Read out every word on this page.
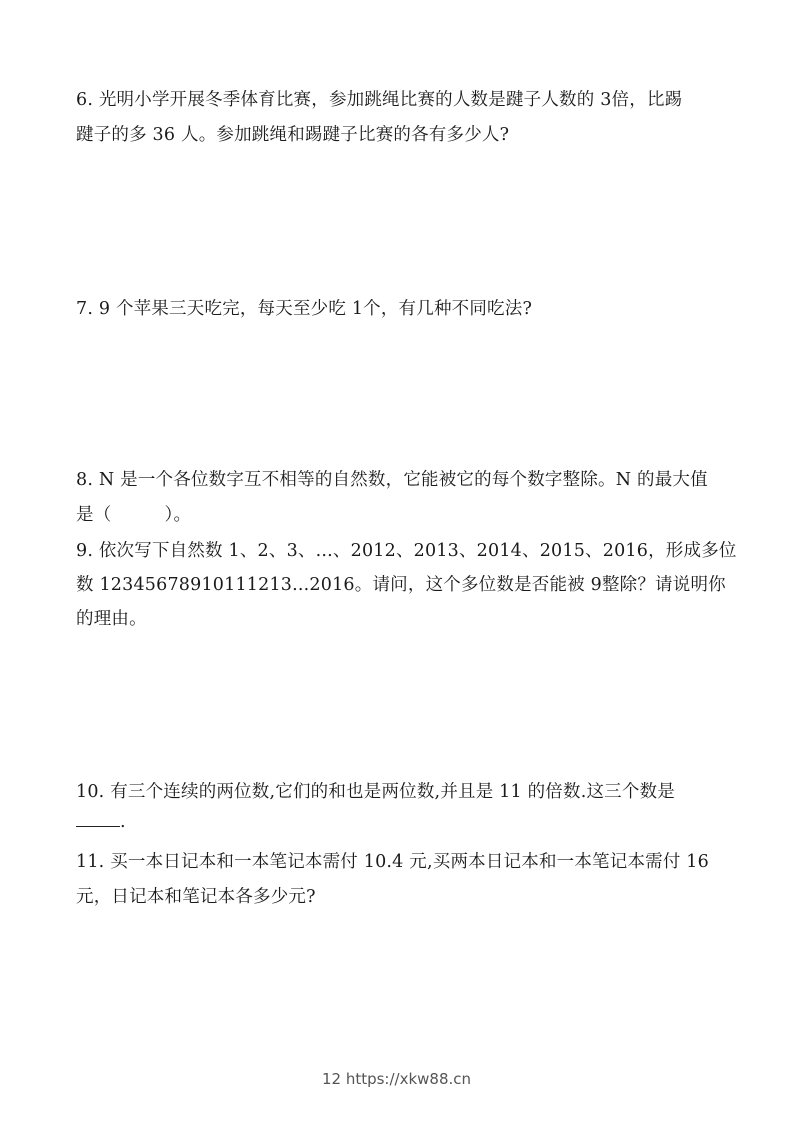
6. 光明小学开展冬季体育比赛，参加跳绳比赛的人数是踺子人数的 3倍，比踢
踺子的多 36 人。参加跳绳和踢踺子比赛的各有多少人?
7. 9 个苹果三天吃完，每天至少吃 1个，有几种不同吃法?
8. N 是一个各位数字互不相等的自然数，它能被它的每个数字整除。N 的最大值
是（　　　）。
9. 依次写下自然数 1、2、3、...、2012、2013、2014、2015、2016，形成多位
数 12345678910111213...2016。请问，这个多位数是否能被 9整除？请说明你
的理由。
10. 有三个连续的两位数,它们的和也是两位数,并且是 11 的倍数.这三个数是
.
11. 买一本日记本和一本笔记本需付 10.4 元,买两本日记本和一本笔记本需付 16
元，日记本和笔记本各多少元?
12 https://xkw88.cn
